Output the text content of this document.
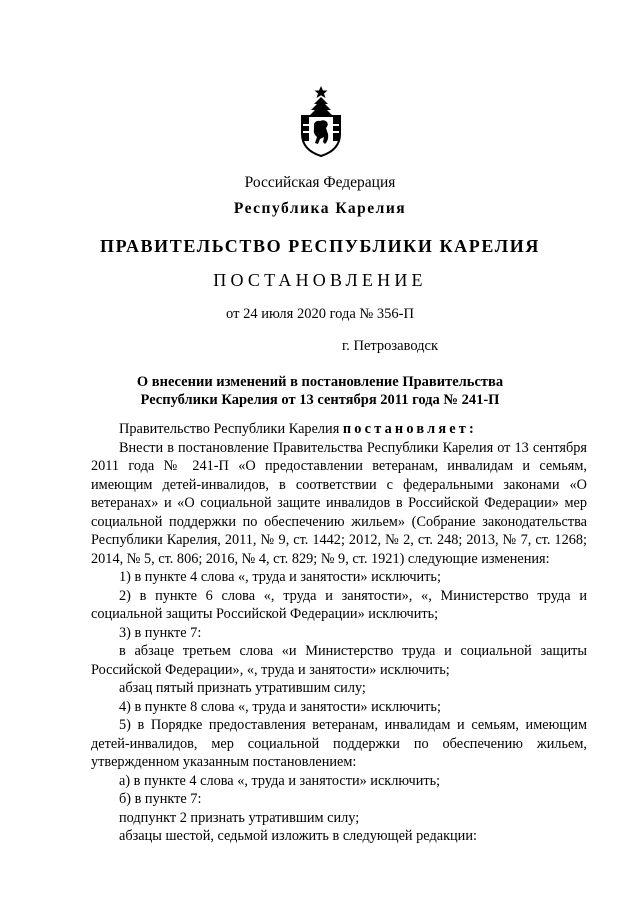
Российская Федерация
Республика Карелия
ПРАВИТЕЛЬСТВО РЕСПУБЛИКИ КАРЕЛИЯ
ПОСТАНОВЛЕНИЕ
от 24 июля 2020 года № 356-П
г. Петрозаводск
О внесении изменений в постановление Правительства
Республики Карелия от 13 сентября 2011 года № 241-П

Правительство Республики Карелия постановляет:

Внести в постановление Правительства Республики Карелия от 13 сентября 2011 года № 241-П «О предоставлении ветеранам, инвалидам и семьям, имеющим детей-инвалидов, в соответствии с федеральными законами «О ветеранах» и «О социальной защите инвалидов в Российской Федерации» мер социальной поддержки по обеспечению жильем» (Собрание законодательства Республики Карелия, 2011, № 9, ст. 1442; 2012, № 2, ст. 248; 2013, № 7, ст. 1268; 2014, № 5, ст. 806; 2016, № 4, ст. 829; № 9, ст. 1921) следующие изменения:

1) в пункте 4 слова «, труда и занятости» исключить;

2) в пункте 6 слова «, труда и занятости», «, Министерство труда и социальной защиты Российской Федерации» исключить;

3) в пункте 7:

в абзаце третьем слова «и Министерство труда и социальной защиты Российской Федерации», «, труда и занятости» исключить;

абзац пятый признать утратившим силу;

4) в пункте 8 слова «, труда и занятости» исключить;

5) в Порядке предоставления ветеранам, инвалидам и семьям, имеющим детей-инвалидов, мер социальной поддержки по обеспечению жильем, утвержденном указанным постановлением:

а) в пункте 4 слова «, труда и занятости» исключить;

б) в пункте 7:

подпункт 2 признать утратившим силу;

абзацы шестой, седьмой изложить в следующей редакции:
